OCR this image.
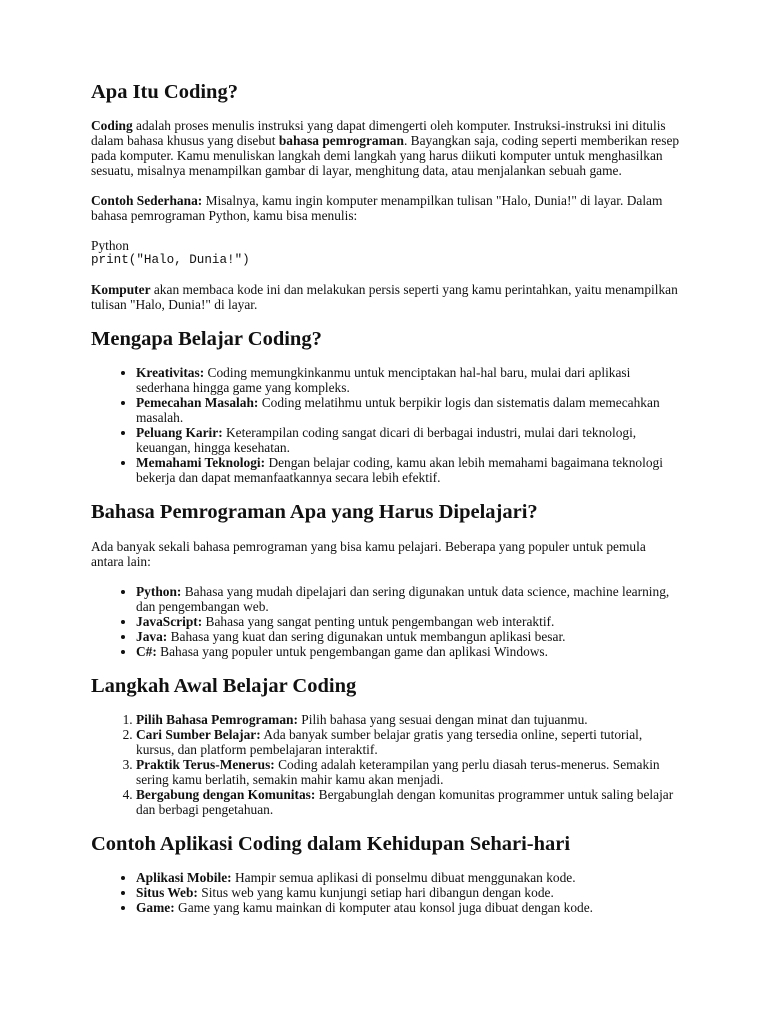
Apa Itu Coding?

Coding adalah proses menulis instruksi yang dapat dimengerti oleh komputer. Instruksi-instruksi ini ditulis dalam bahasa khusus yang disebut bahasa pemrograman. Bayangkan saja, coding seperti memberikan resep pada komputer. Kamu menuliskan langkah demi langkah yang harus diikuti komputer untuk menghasilkan sesuatu, misalnya menampilkan gambar di layar, menghitung data, atau menjalankan sebuah game.

Contoh Sederhana: Misalnya, kamu ingin komputer menampilkan tulisan "Halo, Dunia!" di layar. Dalam bahasa pemrograman Python, kamu bisa menulis:

Python
print("Halo, Dunia!")

Komputer akan membaca kode ini dan melakukan persis seperti yang kamu perintahkan, yaitu menampilkan tulisan "Halo, Dunia!" di layar.

Mengapa Belajar Coding?
• Kreativitas: Coding memungkinkanmu untuk menciptakan hal-hal baru, mulai dari aplikasi sederhana hingga game yang kompleks.
• Pemecahan Masalah: Coding melatihmu untuk berpikir logis dan sistematis dalam memecahkan masalah.
• Peluang Karir: Keterampilan coding sangat dicari di berbagai industri, mulai dari teknologi, keuangan, hingga kesehatan.
• Memahami Teknologi: Dengan belajar coding, kamu akan lebih memahami bagaimana teknologi bekerja dan dapat memanfaatkannya secara lebih efektif.
Bahasa Pemrograman Apa yang Harus Dipelajari?

Ada banyak sekali bahasa pemrograman yang bisa kamu pelajari. Beberapa yang populer untuk pemula antara lain:

• Python: Bahasa yang mudah dipelajari dan sering digunakan untuk data science, machine learning, dan pengembangan web.
• JavaScript: Bahasa yang sangat penting untuk pengembangan web interaktif.
• Java: Bahasa yang kuat dan sering digunakan untuk membangun aplikasi besar.
• C#: Bahasa yang populer untuk pengembangan game dan aplikasi Windows.
Langkah Awal Belajar Coding
1. Pilih Bahasa Pemrograman: Pilih bahasa yang sesuai dengan minat dan tujuanmu.
2. Cari Sumber Belajar: Ada banyak sumber belajar gratis yang tersedia online, seperti tutorial, kursus, dan platform pembelajaran interaktif.
3. Praktik Terus-Menerus: Coding adalah keterampilan yang perlu diasah terus-menerus. Semakin sering kamu berlatih, semakin mahir kamu akan menjadi.
4. Bergabung dengan Komunitas: Bergabunglah dengan komunitas programmer untuk saling belajar dan berbagi pengetahuan.
Contoh Aplikasi Coding dalam Kehidupan Sehari-hari
• Aplikasi Mobile: Hampir semua aplikasi di ponselmu dibuat menggunakan kode.
• Situs Web: Situs web yang kamu kunjungi setiap hari dibangun dengan kode.
• Game: Game yang kamu mainkan di komputer atau konsol juga dibuat dengan kode.
